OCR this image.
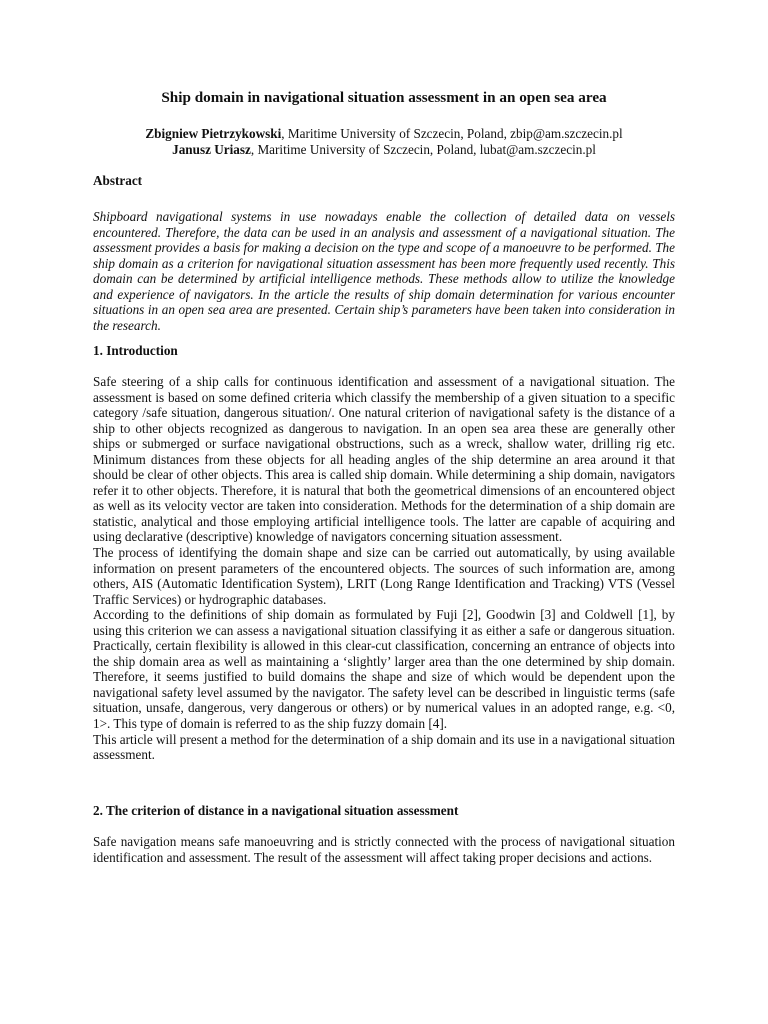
Ship domain in navigational situation assessment in an open sea area
Zbigniew Pietrzykowski, Maritime University of Szczecin, Poland, zbip@am.szczecin.pl
Janusz Uriasz, Maritime University of Szczecin, Poland, lubat@am.szczecin.pl
Abstract

Shipboard navigational systems in use nowadays enable the collection of detailed data on vessels encountered. Therefore, the data can be used in an analysis and assessment of a navigational situation. The assessment provides a basis for making a decision on the type and scope of a manoeuvre to be performed. The ship domain as a criterion for navigational situation assessment has been more frequently used recently. This domain can be determined by artificial intelligence methods. These methods allow to utilize the knowledge and experience of navigators. In the article the results of ship domain determination for various encounter situations in an open sea area are presented. Certain ship’s parameters have been taken into consideration in the research.

1. Introduction
Safe steering of a ship calls for continuous identification and assessment of a navigational situation. The assessment is based on some defined criteria which classify the membership of a given situation to a specific category /safe situation, dangerous situation/. One natural criterion of navigational safety is the distance of a ship to other objects recognized as dangerous to navigation. In an open sea area these are generally other ships or submerged or surface navigational obstructions, such as a wreck, shallow water, drilling rig etc. Minimum distances from these objects for all heading angles of the ship determine an area around it that should be clear of other objects. This area is called ship domain. While determining a ship domain, navigators refer it to other objects. Therefore, it is natural that both the geometrical dimensions of an encountered object as well as its velocity vector are taken into consideration. Methods for the determination of a ship domain are statistic, analytical and those employing artificial intelligence tools. The latter are capable of acquiring and using declarative (descriptive) knowledge of navigators concerning situation assessment.
The process of identifying the domain shape and size can be carried out automatically, by using available information on present parameters of the encountered objects. The sources of such information are, among others, AIS (Automatic Identification System), LRIT (Long Range Identification and Tracking) VTS (Vessel Traffic Services) or hydrographic databases.
According to the definitions of ship domain as formulated by Fuji [2], Goodwin [3] and Coldwell [1], by using this criterion we can assess a navigational situation classifying it as either a safe or dangerous situation. Practically, certain flexibility is allowed in this clear-cut classification, concerning an entrance of objects into the ship domain area as well as maintaining a ‘slightly’ larger area than the one determined by ship domain. Therefore, it seems justified to build domains the shape and size of which would be dependent upon the navigational safety level assumed by the navigator. The safety level can be described in linguistic terms (safe situation, unsafe, dangerous, very dangerous or others) or by numerical values in an adopted range, e.g. <0, 1>. This type of domain is referred to as the ship fuzzy domain [4].
This article will present a method for the determination of a ship domain and its use in a navigational situation assessment.
2. The criterion of distance in a navigational situation assessment
Safe navigation means safe manoeuvring and is strictly connected with the process of navigational situation identification and assessment. The result of the assessment will affect taking proper decisions and actions.
